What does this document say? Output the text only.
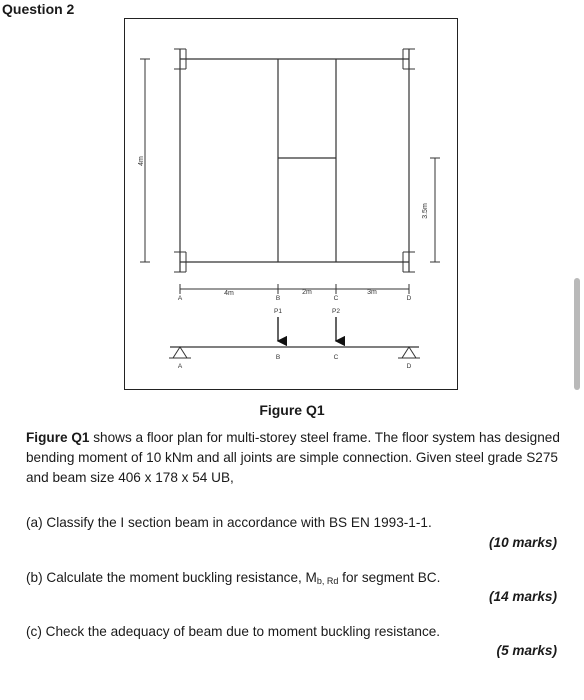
Question 2
4m
3.5m
4m	2m	3m
A	B	C	D
P1	P2
A
B	C
D
Figure Q1
Figure Q1 shows a floor plan for multi-storey steel frame. The floor system has designed bending moment of 10 kNm and all joints are simple connection. Given steel grade S275 and beam size 406 x 178 x 54 UB,
(a) Classify the I section beam in accordance with BS EN 1993-1-1.
(10 marks)
(b) Calculate the moment buckling resistance, $M_{b, Rd}$ for segment BC.
(14 marks)
(c) Check the adequacy of beam due to moment buckling resistance.
(5 marks)
